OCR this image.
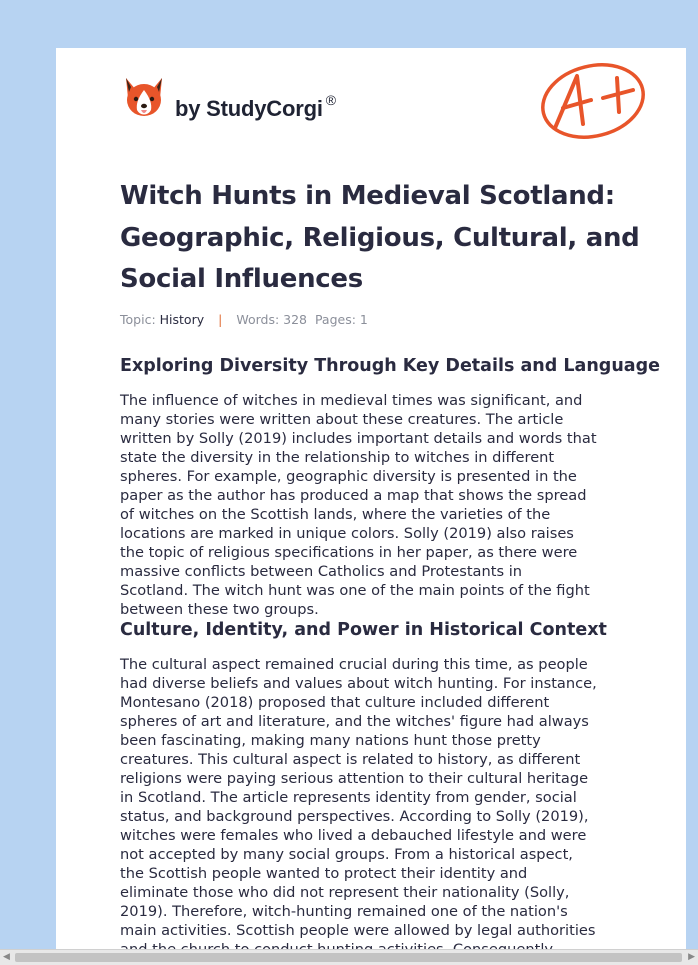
by StudyCorgi ®
Witch Hunts in Medieval Scotland: Geographic, Religious, Cultural, and Social Influences
Topic: History | Words: 328 Pages: 1
Exploring Diversity Through Key Details and Language

The influence of witches in medieval times was significant, and
many stories were written about these creatures. The article
written by Solly (2019) includes important details and words that
state the diversity in the relationship to witches in different
spheres. For example, geographic diversity is presented in the
paper as the author has produced a map that shows the spread
of witches on the Scottish lands, where the varieties of the
locations are marked in unique colors. Solly (2019) also raises
the topic of religious specifications in her paper, as there were
massive conflicts between Catholics and Protestants in
Scotland. The witch hunt was one of the main points of the fight
between these two groups.

Culture, Identity, and Power in Historical Context

The cultural aspect remained crucial during this time, as people
had diverse beliefs and values about witch hunting. For instance,
Montesano (2018) proposed that culture included different
spheres of art and literature, and the witches' figure had always
been fascinating, making many nations hunt those pretty
creatures. This cultural aspect is related to history, as different
religions were paying serious attention to their cultural heritage
in Scotland. The article represents identity from gender, social
status, and background perspectives. According to Solly (2019),
witches were females who lived a debauched lifestyle and were
not accepted by many social groups. From a historical aspect,
the Scottish people wanted to protect their identity and
eliminate those who did not represent their nationality (Solly,
2019). Therefore, witch-hunting remained one of the nation's
main activities. Scottish people were allowed by legal authorities

◀	▶
